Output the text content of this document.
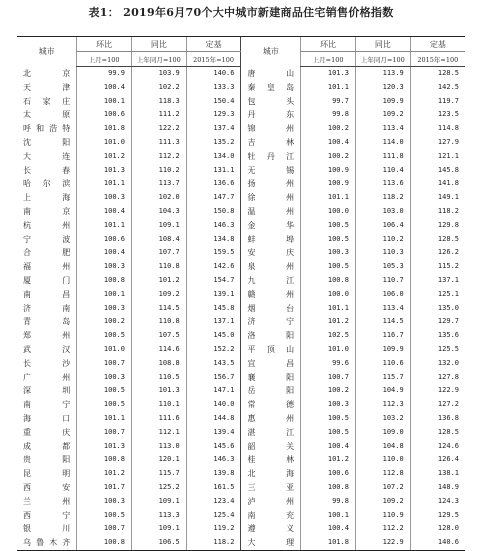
表1： 2019年6月70个大中城市新建商品住宅销售价格指数
城市	环比	同比	定基	城市	环比	同比	定基
	上月=100	上年同月=100	2015年=100		上月=100	上年同月=100	2015年=100
北　京	99.9	103.9	140.6	唐　山	101.3	113.9	128.5
天　津	100.4	102.2	133.3	秦皇岛	101.1	120.3	142.5
石家庄	100.1	118.3	150.4	包　头	99.7	109.9	119.7
太　原	100.6	111.2	129.3	丹　东	99.8	109.2	123.5
呼和浩特	101.8	122.2	137.4	锦　州	100.2	113.4	114.8
沈　阳	101.0	111.3	135.2	吉　林	100.4	114.0	127.9
大　连	101.2	112.2	134.0	牡丹江	100.2	111.8	121.1
长　春	101.3	110.2	131.1	无　锡	100.9	110.4	145.8
哈尔滨	101.1	113.7	136.6	扬　州	100.9	113.6	141.8
上　海	100.3	102.0	147.7	徐　州	101.1	118.2	149.1
南　京	100.4	104.3	150.8	温　州	100.0	103.0	118.2
杭　州	101.1	109.1	146.3	金　华	100.5	106.4	129.8
宁　波	100.6	108.4	134.8	蚌　埠	100.5	110.2	128.5
合　肥	100.4	107.7	159.5	安　庆	100.3	110.3	126.2
福　州	100.3	110.8	142.6	泉　州	100.5	105.3	115.2
厦　门	100.8	101.2	154.7	九　江	100.8	110.7	137.1
南　昌	100.1	109.2	139.1	赣　州	100.0	106.0	125.1
济　南	100.3	114.5	145.8	烟　台	101.1	113.4	135.0
青　岛	100.2	110.8	137.1	济　宁	101.2	114.5	129.7
郑　州	100.5	107.5	145.0	洛　阳	102.5	116.7	135.6
武　汉	101.0	114.6	152.2	平顶山	101.0	109.9	125.5
长　沙	100.7	108.8	143.5	宜　昌	99.6	110.6	132.0
广　州	100.3	110.5	156.7	襄　阳	100.7	115.7	127.8
深　圳	100.5	101.3	147.1	岳　阳	100.2	104.9	122.9
南　宁	100.5	110.1	140.0	常　德	100.3	112.3	127.2
海　口	101.1	111.6	144.8	惠　州	100.5	103.2	136.8
重　庆	100.7	112.1	139.4	湛　江	100.5	109.0	128.5
成　都	101.3	113.0	145.6	韶　关	100.4	104.8	124.6
贵　阳	100.8	120.1	146.3	桂　林	101.2	110.0	126.4
昆　明	101.2	115.7	139.8	北　海	100.6	112.8	138.1
西　安	101.7	125.2	161.5	三　亚	100.8	107.2	148.9
兰　州	100.3	109.1	123.4	泸　州	99.8	109.2	124.3
西　宁	100.5	113.3	125.4	南　充	100.1	110.9	129.5
银　川	100.7	109.1	119.2	遵　义	100.4	112.2	128.0
乌鲁木齐	100.8	106.5	118.2	大　理	101.8	122.9	140.6
